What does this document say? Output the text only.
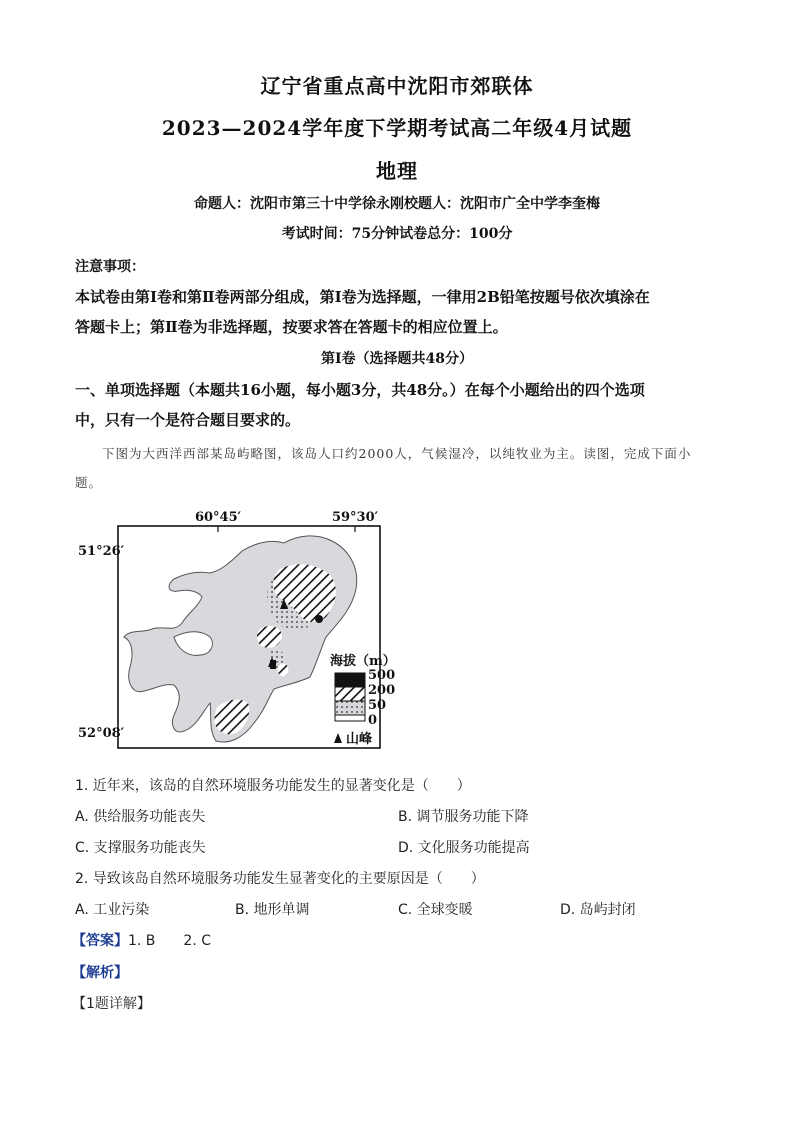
辽宁省重点高中沈阳市郊联体
2023—2024学年度下学期考试高二年级4月试题
地理
命题人：沈阳市第三十中学徐永刚校题人：沈阳市广全中学李奎梅
考试时间：75分钟试卷总分：100分
注意事项：
本试卷由第Ⅰ卷和第Ⅱ卷两部分组成，第Ⅰ卷为选择题，一律用2B铅笔按题号依次填涂在
答题卡上；第Ⅱ卷为非选择题，按要求答在答题卡的相应位置上。
第Ⅰ卷（选择题共48分）
一、单项选择题（本题共16小题，每小题3分，共48分。）在每个小题给出的四个选项
中，只有一个是符合题目要求的。
下图为大西洋西部某岛屿略图，该岛人口约2000人，气候湿冷，以纯牧业为主。读图，完成下面小
题。
60°45′	59°30′
51°26′
52°08′
海拔（m）
500
200
50
0
山峰
1. 近年来，该岛的自然环境服务功能发生的显著变化是（　　）
A. 供给服务功能丧失	B. 调节服务功能下降
C. 支撑服务功能丧失	D. 文化服务功能提高
2. 导致该岛自然环境服务功能发生显著变化的主要原因是（　　）
A. 工业污染	B. 地形单调	C. 全球变暖	D. 岛屿封闭
【答案】1. B　　2. C
【解析】
【1题详解】
